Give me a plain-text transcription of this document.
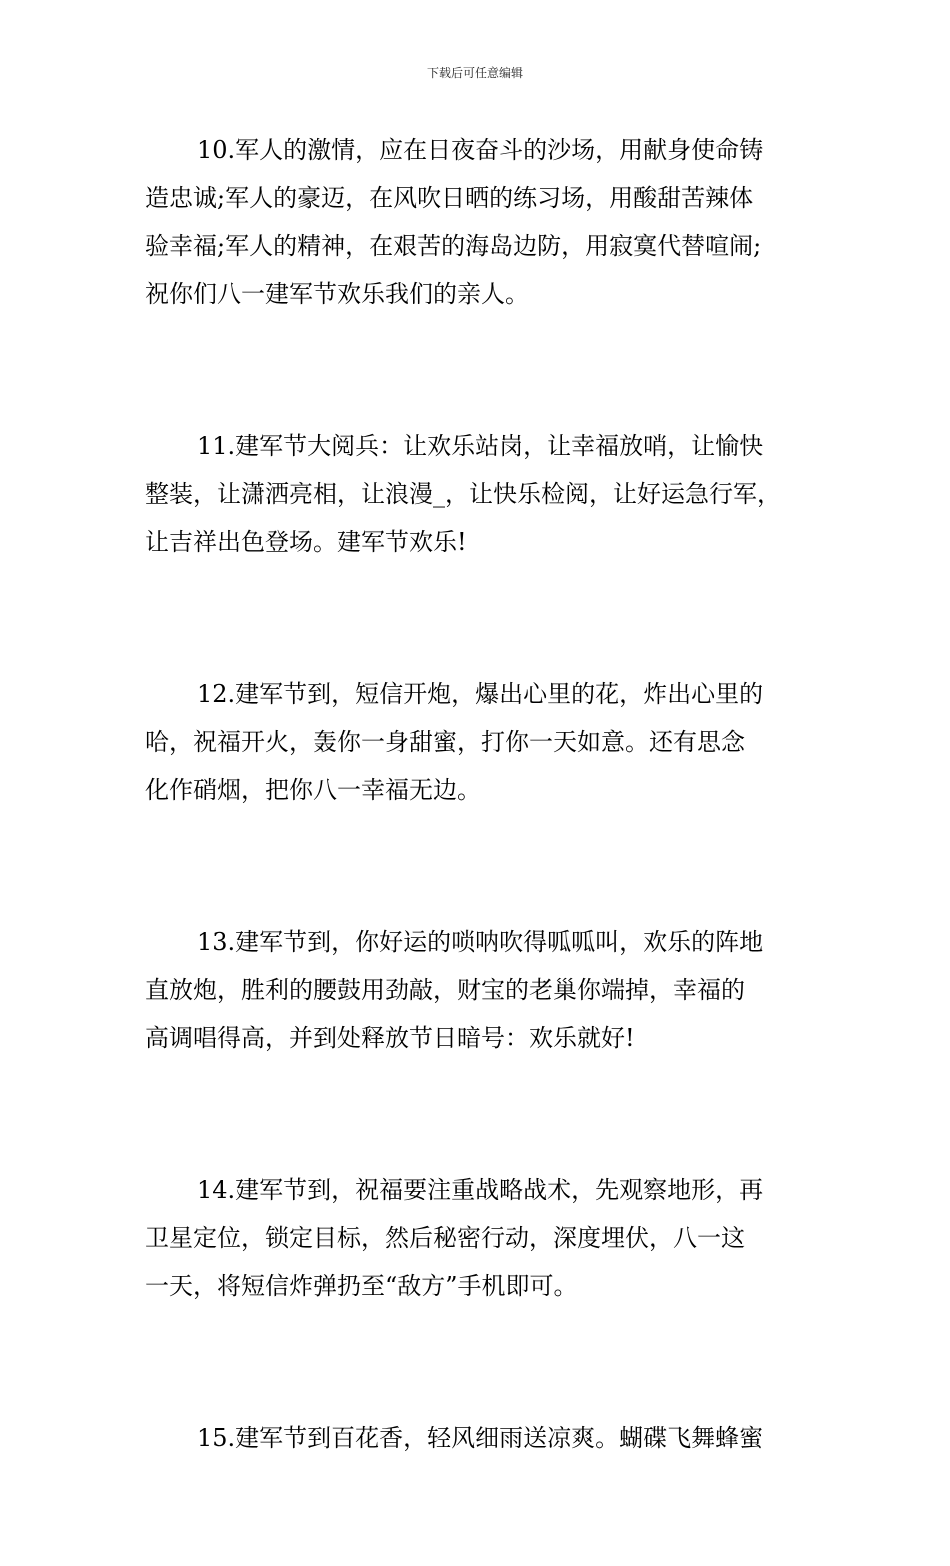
下载后可任意编辑
10.军人的激情，应在日夜奋斗的沙场，用献身使命铸
造忠诚;军人的豪迈，在风吹日晒的练习场，用酸甜苦辣体
验幸福;军人的精神，在艰苦的海岛边防，用寂寞代替喧闹;
祝你们八一建军节欢乐我们的亲人。
11.建军节大阅兵：让欢乐站岗，让幸福放哨，让愉快
整装，让潇洒亮相，让浪漫_，让快乐检阅，让好运急行军，
让吉祥出色登场。建军节欢乐!
12.建军节到，短信开炮，爆出心里的花，炸出心里的
哈，祝福开火，轰你一身甜蜜，打你一天如意。还有思念
化作硝烟，把你八一幸福无边。
13.建军节到，你好运的唢呐吹得呱呱叫，欢乐的阵地
直放炮，胜利的腰鼓用劲敲，财宝的老巢你端掉，幸福的
高调唱得高，并到处释放节日暗号：欢乐就好!
14.建军节到，祝福要注重战略战术，先观察地形，再
卫星定位，锁定目标，然后秘密行动，深度埋伏，八一这
一天，将短信炸弹扔至“敌方”手机即可。
15.建军节到百花香，轻风细雨送凉爽。蝴碟飞舞蜂蜜
